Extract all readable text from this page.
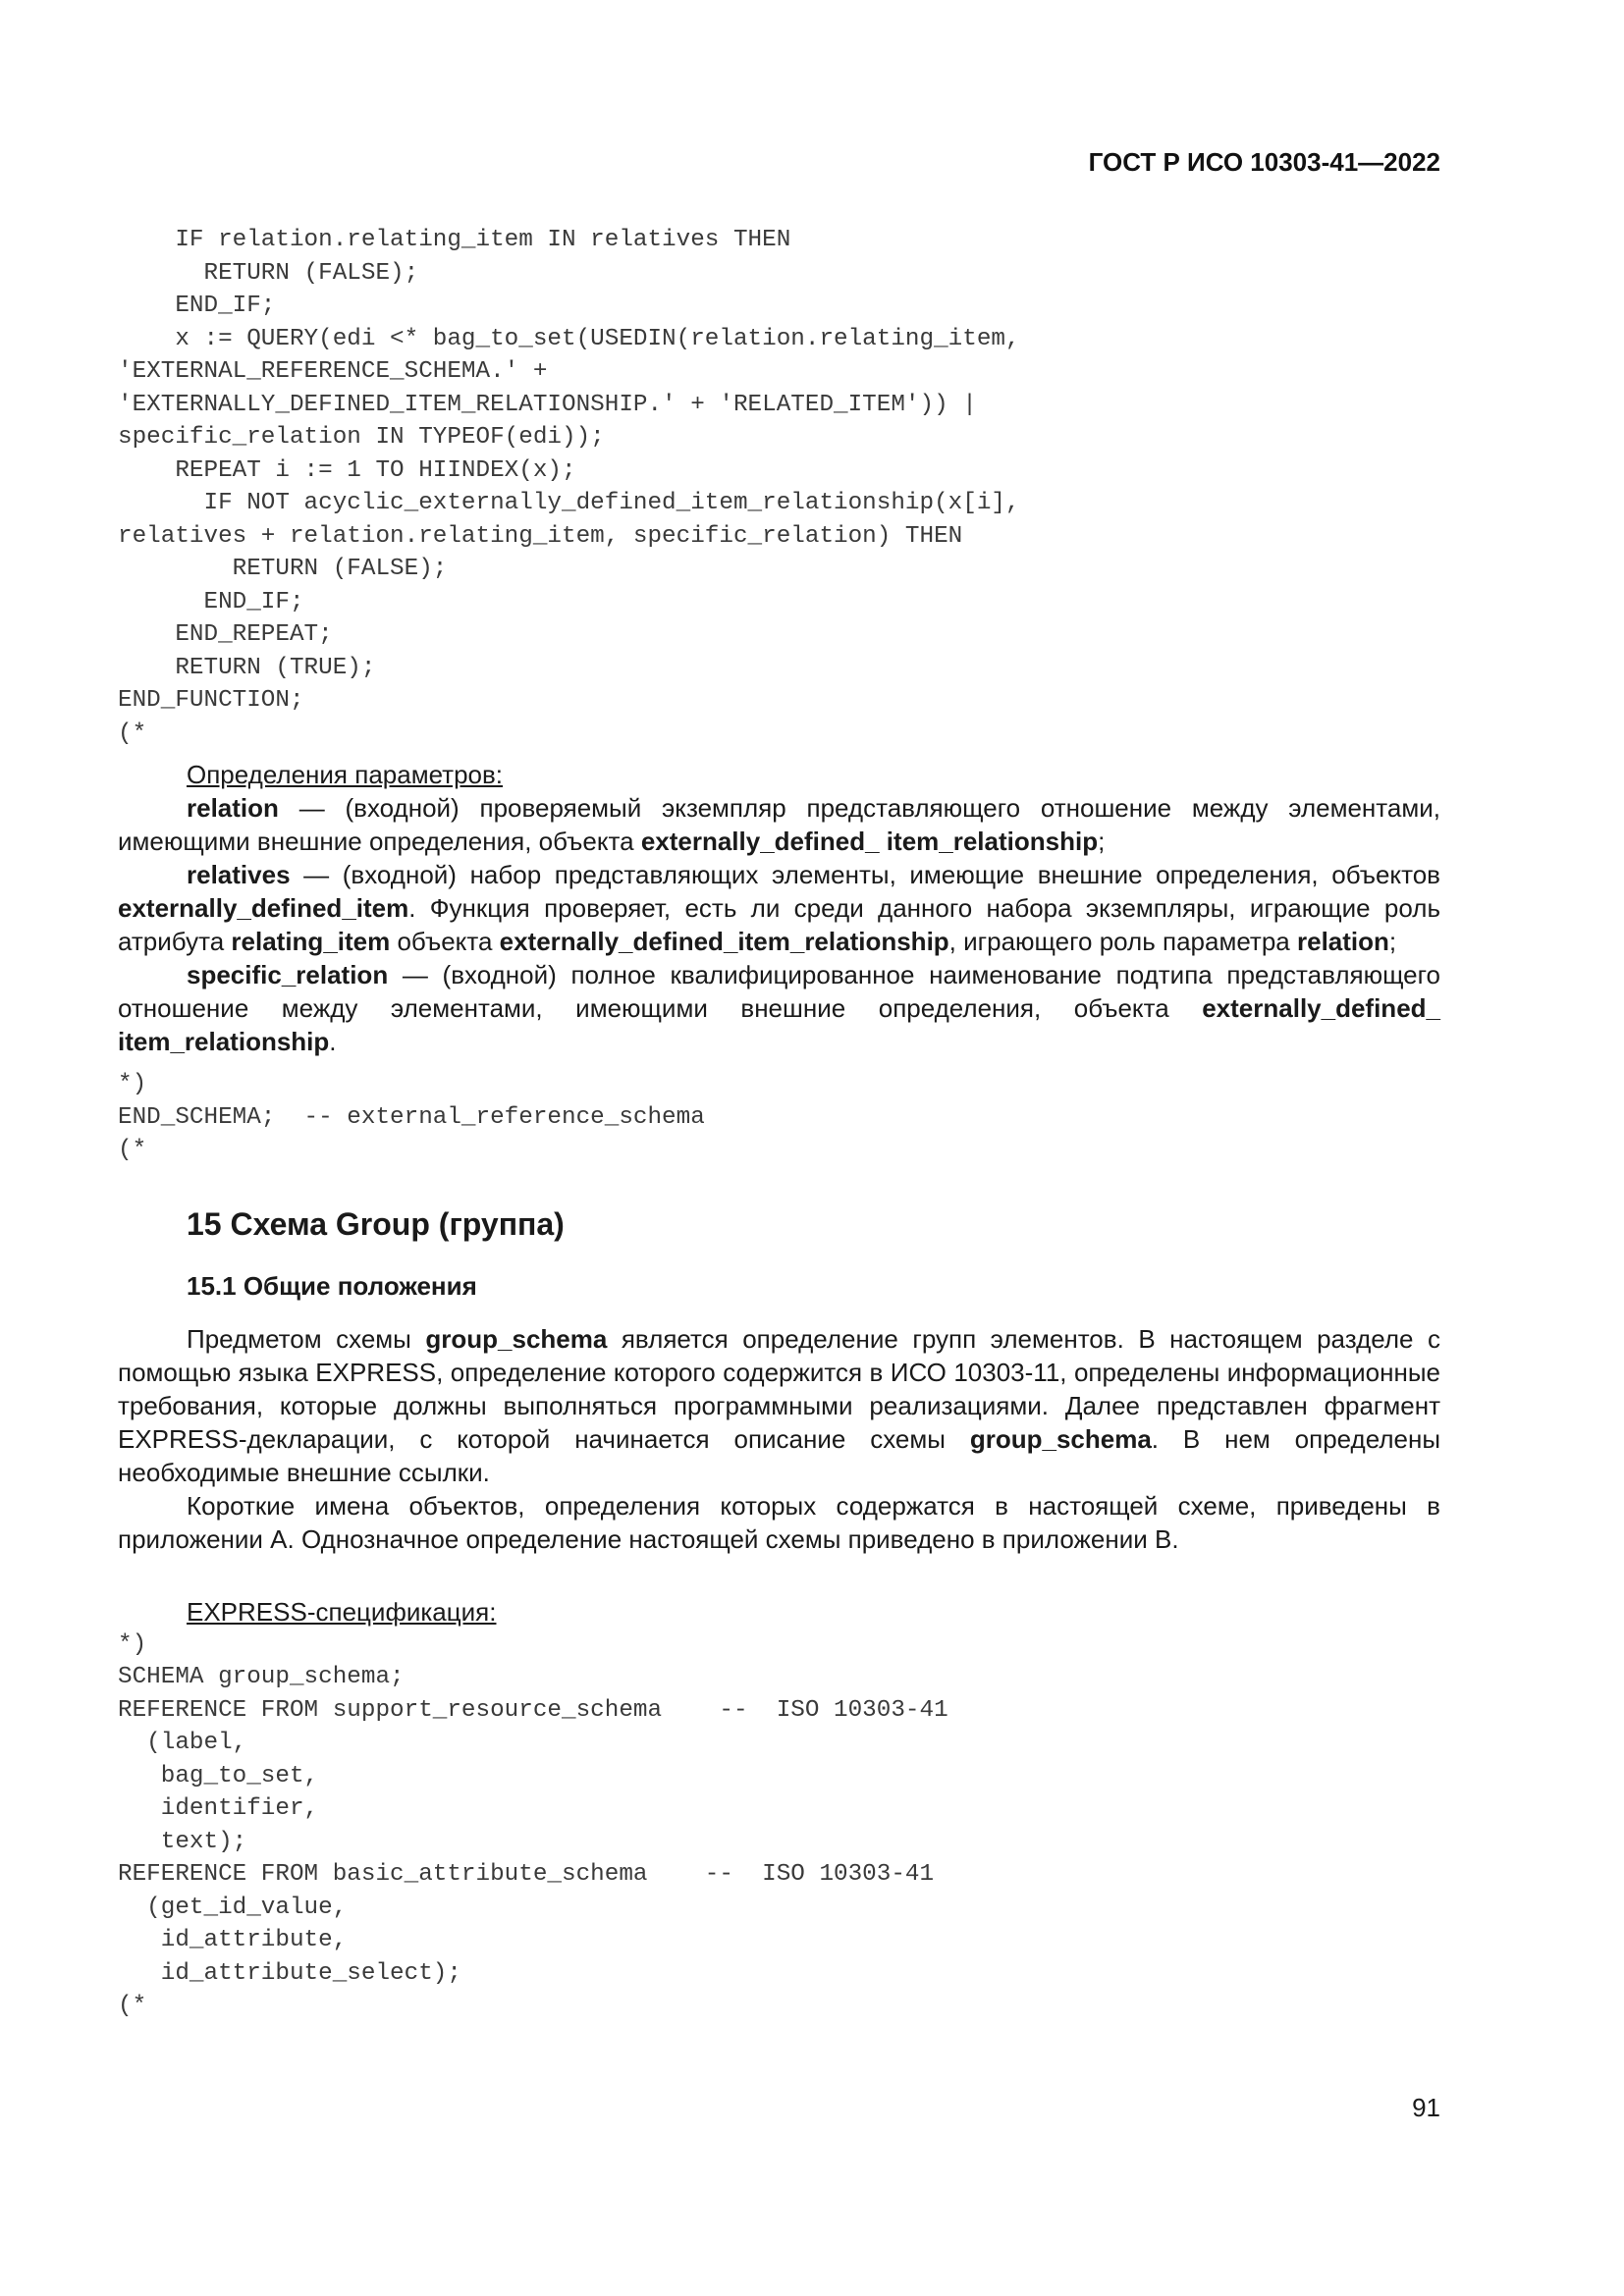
ГОСТ Р ИСО 10303-41—2022
IF relation.relating_item IN relatives THEN
RETURN (FALSE);
END_IF;
x := QUERY(edi <* bag_to_set(USEDIN(relation.relating_item,
'EXTERNAL_REFERENCE_SCHEMA.' +
'EXTERNALLY_DEFINED_ITEM_RELATIONSHIP.' + 'RELATED_ITEM')) |
specific_relation IN TYPEOF(edi));
REPEAT i := 1 TO HIINDEX(x);
IF NOT acyclic_externally_defined_item_relationship(x[i],
relatives + relation.relating_item, specific_relation) THEN
RETURN (FALSE);
END_IF;
END_REPEAT;
RETURN (TRUE);
END_FUNCTION;
(*

Определения параметров:

relation — (входной) проверяемый экземпляр представляющего отношение между элементами, имеющими внешние определения, объекта externally_defined_ item_relationship;

relatives — (входной) набор представляющих элементы, имеющие внешние определения, объектов externally_defined_item. Функция проверяет, есть ли среди данного набора экземпляры, играющие роль атрибута relating_item объекта externally_defined_item_relationship, играющего роль параметра relation;

specific_relation — (входной) полное квалифицированное наименование подтипа представляющего отношение между элементами, имеющими внешние определения, объекта externally_defined_ item_relationship.

*)
END_SCHEMA;  -- external_reference_schema
(*
15 Схема Group (группа)
15.1 Общие положения

Предметом схемы group_schema является определение групп элементов. В настоящем разделе с помощью языка EXPRESS, определение которого содержится в ИСО 10303-11, определены информационные требования, которые должны выполняться программными реализациями. Далее представлен фрагмент EXPRESS-декларации, с которой начинается описание схемы group_schema. В нем определены необходимые внешние ссылки.

Короткие имена объектов, определения которых содержатся в настоящей схеме, приведены в приложении А. Однозначное определение настоящей схемы приведено в приложении В.

EXPRESS-спецификация:

*)
SCHEMA group_schema;
REFERENCE FROM support_resource_schema    --  ISO 10303-41
(label,
bag_to_set,
identifier,
text);
REFERENCE FROM basic_attribute_schema    --  ISO 10303-41
(get_id_value,
id_attribute,
id_attribute_select);
(*
91
